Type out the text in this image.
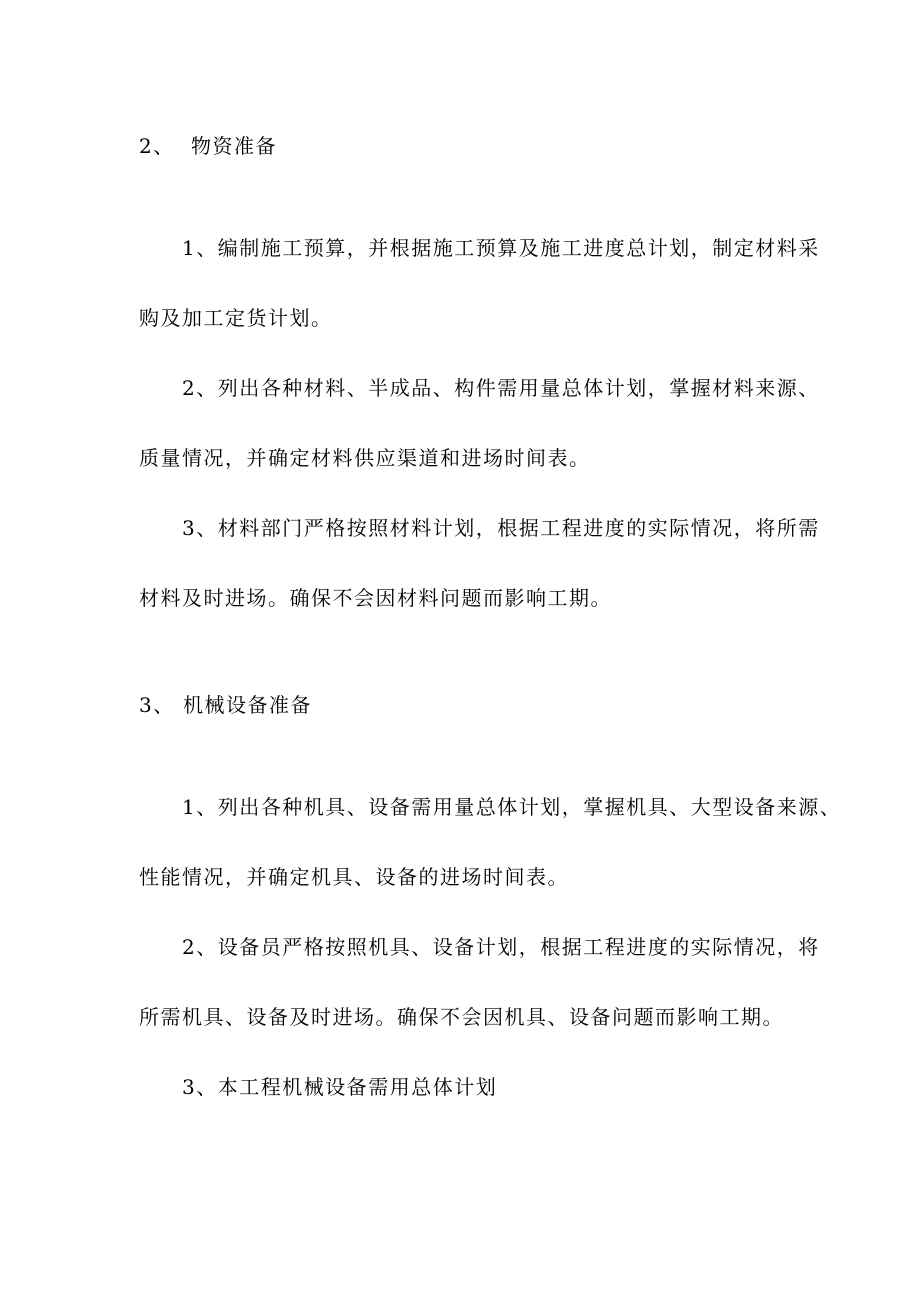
2、 物资准备

1、编制施工预算，并根据施工预算及施工进度总计划，制定材料采

购及加工定货计划。

2、列出各种材料、半成品、构件需用量总体计划，掌握材料来源、

质量情况，并确定材料供应渠道和进场时间表。

3、材料部门严格按照材料计划，根据工程进度的实际情况，将所需

材料及时进场。确保不会因材料问题而影响工期。

3、 机械设备准备

1、列出各种机具、设备需用量总体计划，掌握机具、大型设备来源、

性能情况，并确定机具、设备的进场时间表。

2、设备员严格按照机具、设备计划，根据工程进度的实际情况，将

所需机具、设备及时进场。确保不会因机具、设备问题而影响工期。

3、本工程机械设备需用总体计划
